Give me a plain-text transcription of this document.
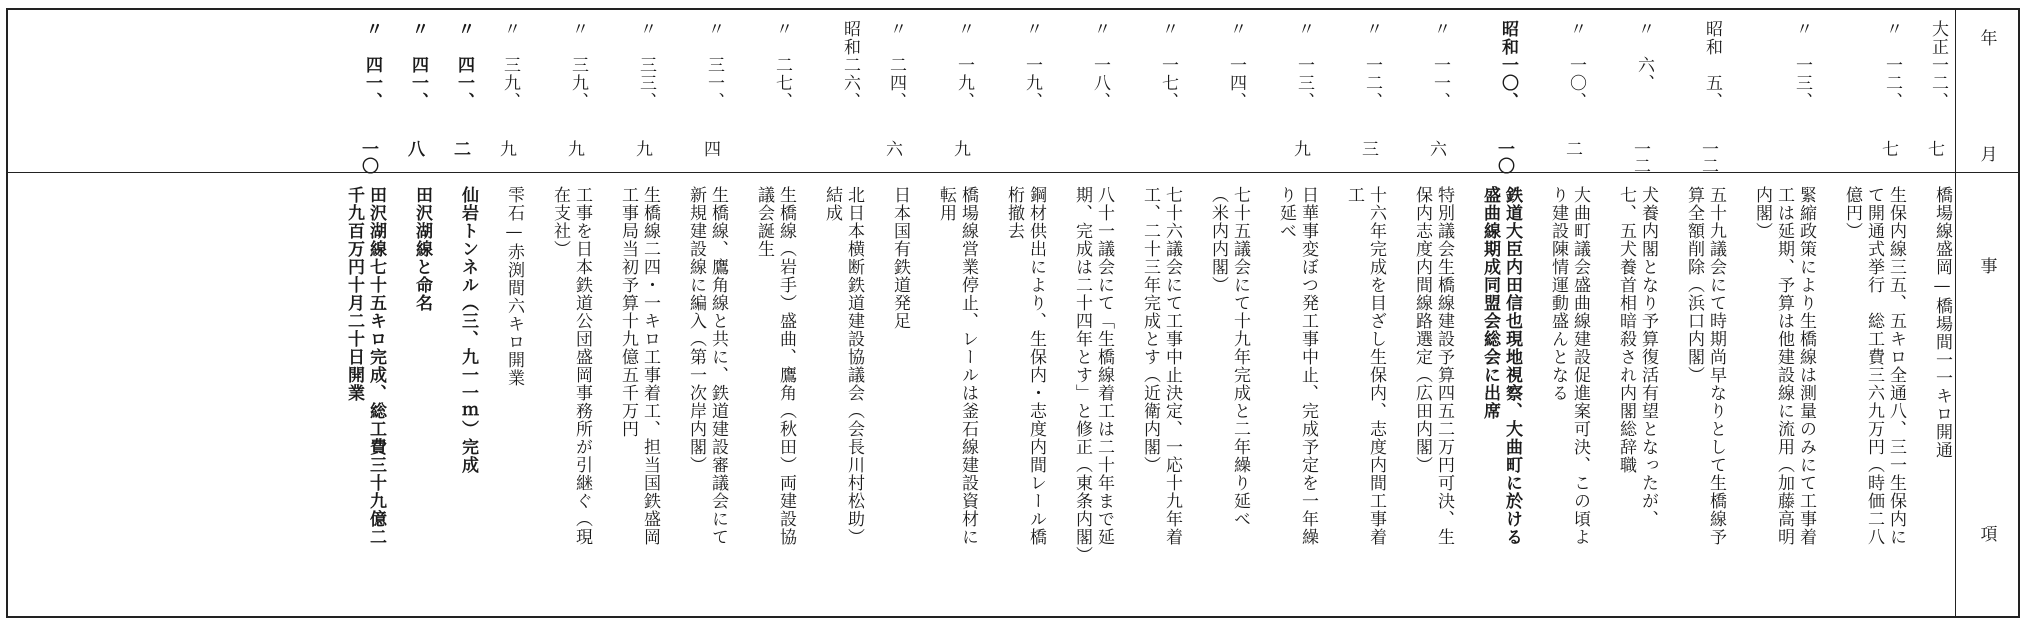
年
月
事
項
大正一二、
七
橋場線盛岡—橋場間一一キロ開通
〃　一二、
七
生保内線三五、五キロ全通八、三一生保内に
て開通式挙行　総工費三六九万円（時価二八
億円）
〃　一三、
緊縮政策により生橋線は測量のみにて工事着
工は延期、予算は他建設線に流用（加藤高明
内閣）
昭和　五、
一二
五十九議会にて時期尚早なりとして生橋線予
算全額削除（浜口内閣）
〃　六、
一二
犬養内閣となり予算復活有望となったが、
七、五犬養首相暗殺され内閣総辞職
〃　一〇、
二
大曲町議会盛曲線建設促進案可決、この頃よ
り建設陳情運動盛んとなる
昭和一〇、
一〇
鉄道大臣内田信也現地視察、大曲町に於ける
盛曲線期成同盟会総会に出席
〃　一一、
六
特別議会生橋線建設予算四五二万円可決、生
保内志度内間線路選定（広田内閣）
〃　一二、
三
十六年完成を目ざし生保内、志度内間工事着
工
〃　一三、
九
日華事変ぼつ発工事中止、完成予定を一年繰
り延べ
〃　一四、
七十五議会にて十九年完成と二年繰り延べ
（米内内閣）
〃　一七、
七十六議会にて工事中止決定、一応十九年着
工、二十三年完成とす（近衛内閣）
〃　一八、
八十一議会にて「生橋線着工は二十年まで延
期、完成は二十四年とす」と修正（東条内閣）
〃　一九、
鋼材供出により、生保内・志度内間レール橋
桁撤去
〃　一九、
九
橋場線営業停止、レールは釜石線建設資材に
転用
〃　二四、
六
日本国有鉄道発足
昭和二六、
北日本横断鉄道建設協議会（会長川村松助）
結成
〃　二七、
生橋線（岩手）盛曲、鷹角（秋田）両建設協
議会誕生
〃　三一、
四
生橋線、鷹角線と共に、鉄道建設審議会にて
新規建設線に編入（第一次岸内閣）
〃　三三、
九
生橋線二四・一キロ工事着工、担当国鉄盛岡
工事局当初予算十九億五千万円
〃　三九、
九
工事を日本鉄道公団盛岡事務所が引継ぐ（現
在支社）
〃　三九、
九
雫石—赤渕間六キロ開業
〃　四一、
二
仙岩トンネル（三、九一一ｍ）完成
〃　四一、
八
田沢湖線と命名
〃　四一、
一〇
田沢湖線七十五キロ完成、総工費三十九億二
千九百万円十月二十日開業
